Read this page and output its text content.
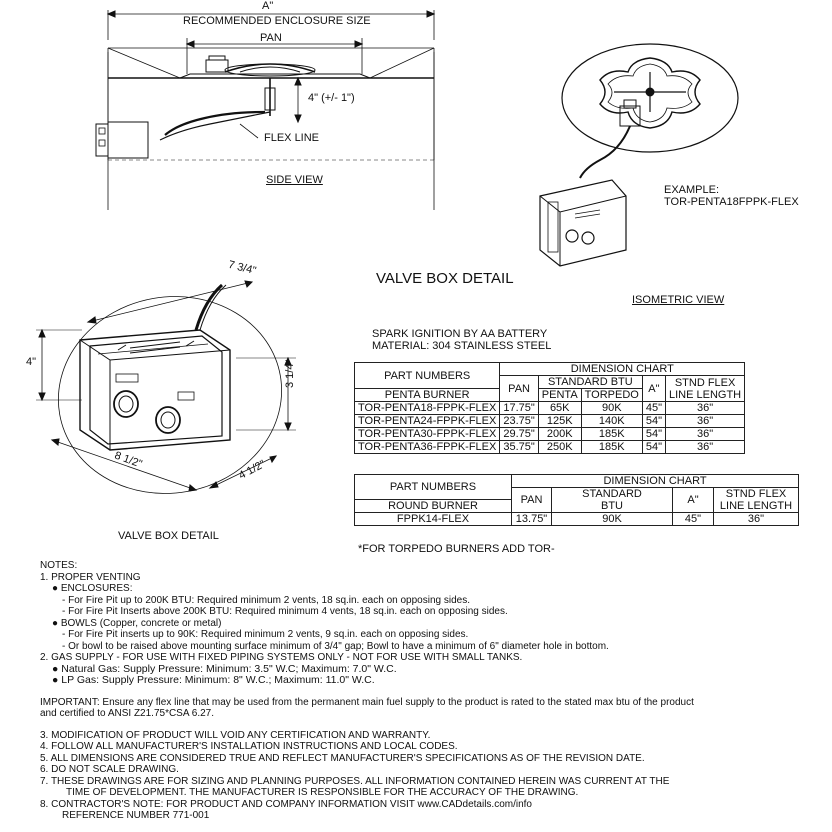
A"
RECOMMENDED ENCLOSURE SIZE
PAN
4" (+/- 1")
FLEX LINE
SIDE VIEW
EXAMPLE:
TOR-PENTA18FPPK-FLEX
ISOMETRIC VIEW
VALVE BOX DETAIL
7 3/4"
4"	3 1/4"
8 1/2"	4 1/2"
VALVE BOX DETAIL
SPARK IGNITION BY AA BATTERY
MATERIAL: 304 STAINLESS STEEL
PART NUMBERS		DIMENSION CHART				
		PAN	STANDARD BTU		A"	STND FLEX
LINE LENGTH
PENTA BURNER			PENTA	TORPEDO		
TOR-	PENTA18-FPPK-FLEX	17.75"	65K	90K	45"	36"
TOR-	PENTA24-FPPK-FLEX	23.75"	125K	140K	54"	36"
TOR-	PENTA30-FPPK-FLEX	29.75"	200K	185K	54"	36"
TOR-	PENTA36-FPPK-FLEX	35.75"	250K	185K	54"	36"
PART NUMBERS	DIMENSION CHART			
	PAN	STANDARD
BTU	A"	STND FLEX
LINE LENGTH
ROUND BURNER				
FPPK14-FLEX	13.75"	90K	45"	36"
*FOR TORPEDO BURNERS ADD TOR-
NOTES:
1. PROPER VENTING
● ENCLOSURES:
- For Fire Pit up to 200K BTU: Required minimum 2 vents, 18 sq.in. each on opposing sides.
- For Fire Pit Inserts above 200K BTU: Required minimum 4 vents, 18 sq.in. each on opposing sides.
● BOWLS (Copper, concrete or metal)
- For Fire Pit inserts up to 90K: Required minimum 2 vents, 9 sq.in. each on opposing sides.
- Or bowl to be raised above mounting surface minimum of 3/4" gap; Bowl to have a minimum of 6" diameter hole in bottom.
2. GAS SUPPLY - FOR USE WITH FIXED PIPING SYSTEMS ONLY - NOT FOR USE WITH SMALL TANKS.
● Natural Gas: Supply Pressure: Minimum: 3.5" W.C; Maximum: 7.0" W.C.
● LP Gas: Supply Pressure: Minimum: 8" W.C.; Maximum: 11.0" W.C.
IMPORTANT: Ensure any flex line that may be used from the permanent main fuel supply to the product is rated to the stated max btu of the product
and certified to ANSI Z21.75*CSA 6.27.
3. MODIFICATION OF PRODUCT WILL VOID ANY CERTIFICATION AND WARRANTY.
4. FOLLOW ALL MANUFACTURER'S INSTALLATION INSTRUCTIONS AND LOCAL CODES.
5. ALL DIMENSIONS ARE CONSIDERED TRUE AND REFLECT MANUFACTURER'S SPECIFICATIONS AS OF THE REVISION DATE.
6. DO NOT SCALE DRAWING.
7. THESE DRAWINGS ARE FOR SIZING AND PLANNING PURPOSES. ALL INFORMATION CONTAINED HEREIN WAS CURRENT AT THE
TIME OF DEVELOPMENT. THE MANUFACTURER IS RESPONSIBLE FOR THE ACCURACY OF THE DRAWING.
8. CONTRACTOR'S NOTE: FOR PRODUCT AND COMPANY INFORMATION VISIT www.CADdetails.com/info
REFERENCE NUMBER 771-001
